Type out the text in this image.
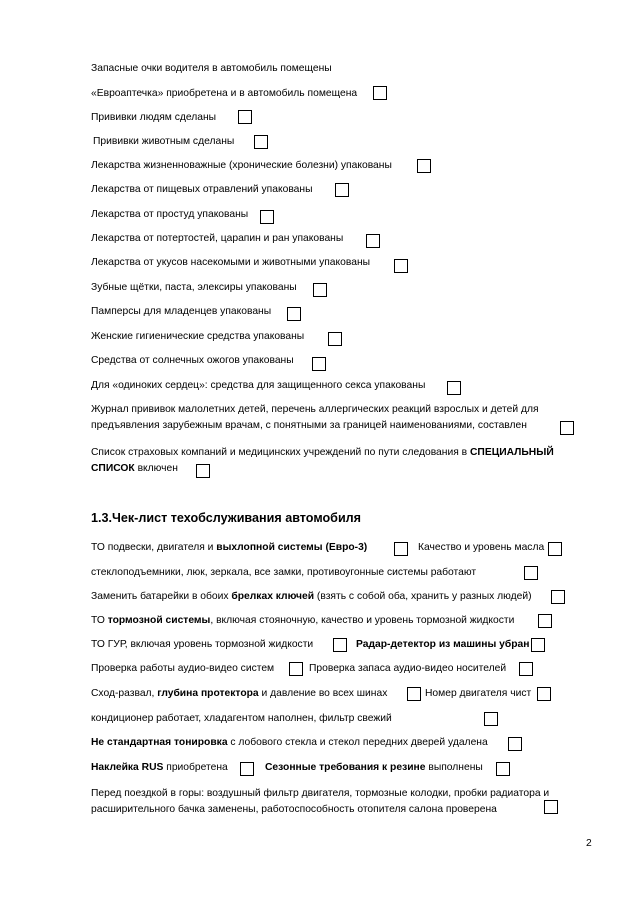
Запасные очки водителя в автомобиль помещены
«Евроаптечка» приобретена и в автомобиль помещена
Прививки людям сделаны
Прививки животным сделаны
Лекарства жизненноважные (хронические болезни) упакованы
Лекарства от пищевых отравлений упакованы
Лекарства от простуд упакованы
Лекарства от потертостей, царапин и ран упакованы
Лекарства от укусов насекомыми и животными упакованы
Зубные щётки, паста, элексиры упакованы
Памперсы для младенцев упакованы
Женские гигиенические средства упакованы
Средства от солнечных ожогов упакованы
Для «одиноких сердец»: средства для защищенного секса упакованы
Журнал прививок малолетних детей, перечень аллергических реакций взрослых и детей для
предъявления зарубежным врачам, с понятными за границей наименованиями, составлен
Список страховых компаний и медицинских учреждений по пути следования в СПЕЦИАЛЬНЫЙ
СПИСОК включен
1.3.Чек-лист техобслуживания автомобиля
ТО подвески, двигателя и выхлопной системы (Евро-3)	Качество и уровень масла
стеклоподъемники, люк, зеркала, все замки, противоугонные системы работают
Заменить батарейки в обоих брелках ключей (взять с собой оба, хранить у разных людей)
ТО тормозной системы, включая стояночную, качество и уровень тормозной жидкости
ТО ГУР, включая уровень тормозной жидкости	Радар-детектор из машины убран
Проверка работы аудио-видео систем	Проверка запаса аудио-видео носителей
Сход-развал, глубина протектора и давление во всех шинах	Номер двигателя чист
кондиционер работает, хладагентом наполнен, фильтр свежий
Не стандартная тонировка с лобового стекла и стекол передних дверей удалена
Наклейка RUS приобретена	Сезонные требования к резине выполнены
Перед поездкой в горы: воздушный фильтр двигателя, тормозные колодки, пробки радиатора и
расширительного бачка заменены, работоспособность отопителя салона проверена
2
